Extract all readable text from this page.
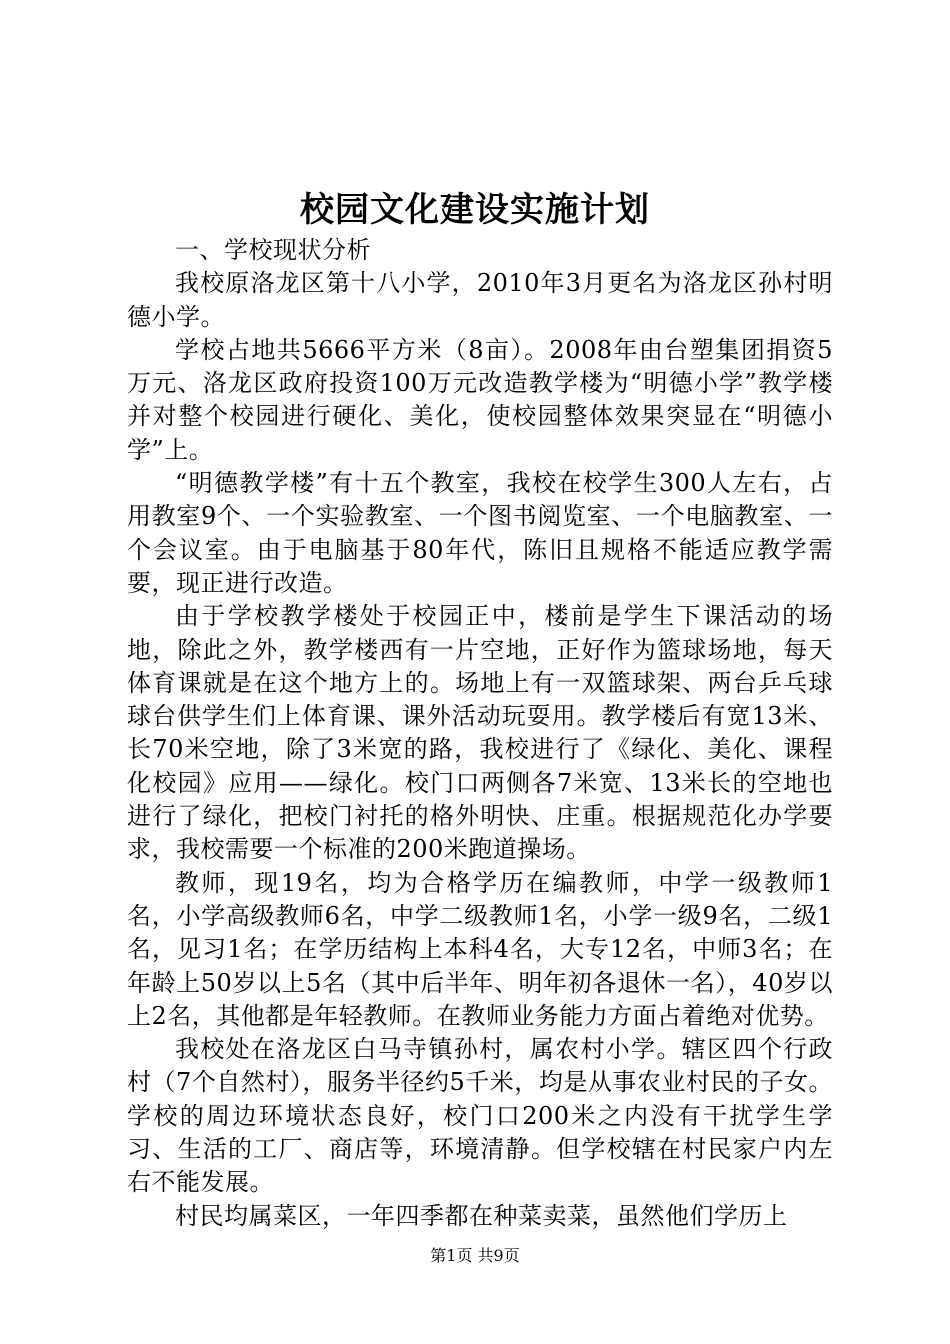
校园文化建设实施计划

一、学校现状分析

我校原洛龙区第十八小学，2010年3月更名为洛龙区孙村明德小学。

学校占地共5666平方米（8亩）。2008年由台塑集团捐资5万元、洛龙区政府投资100万元改造教学楼为“明德小学”教学楼并对整个校园进行硬化、美化，使校园整体效果突显在“明德小学”上。

“明德教学楼”有十五个教室，我校在校学生300人左右，占用教室9个、一个实验教室、一个图书阅览室、一个电脑教室、一个会议室。由于电脑基于80年代，陈旧且规格不能适应教学需要，现正进行改造。

由于学校教学楼处于校园正中，楼前是学生下课活动的场地，除此之外，教学楼西有一片空地，正好作为篮球场地，每天体育课就是在这个地方上的。场地上有一双篮球架、两台乒乓球球台供学生们上体育课、课外活动玩耍用。教学楼后有宽13米、长70米空地，除了3米宽的路，我校进行了《绿化、美化、课程化校园》应用——绿化。校门口两侧各7米宽、13米长的空地也进行了绿化，把校门衬托的格外明快、庄重。根据规范化办学要求，我校需要一个标准的200米跑道操场。

教师，现19名，均为合格学历在编教师，中学一级教师1名，小学高级教师6名，中学二级教师1名，小学一级9名，二级1名，见习1名；在学历结构上本科4名，大专12名，中师3名；在年龄上50岁以上5名（其中后半年、明年初各退休一名），40岁以上2名，其他都是年轻教师。在教师业务能力方面占着绝对优势。

我校处在洛龙区白马寺镇孙村，属农村小学。辖区四个行政村（7个自然村），服务半径约5千米，均是从事农业村民的子女。学校的周边环境状态良好，校门口200米之内没有干扰学生学习、生活的工厂、商店等，环境清静。但学校辖在村民家户内左右不能发展。

村民均属菜区，一年四季都在种菜卖菜，虽然他们学历上

第1页 共9页
